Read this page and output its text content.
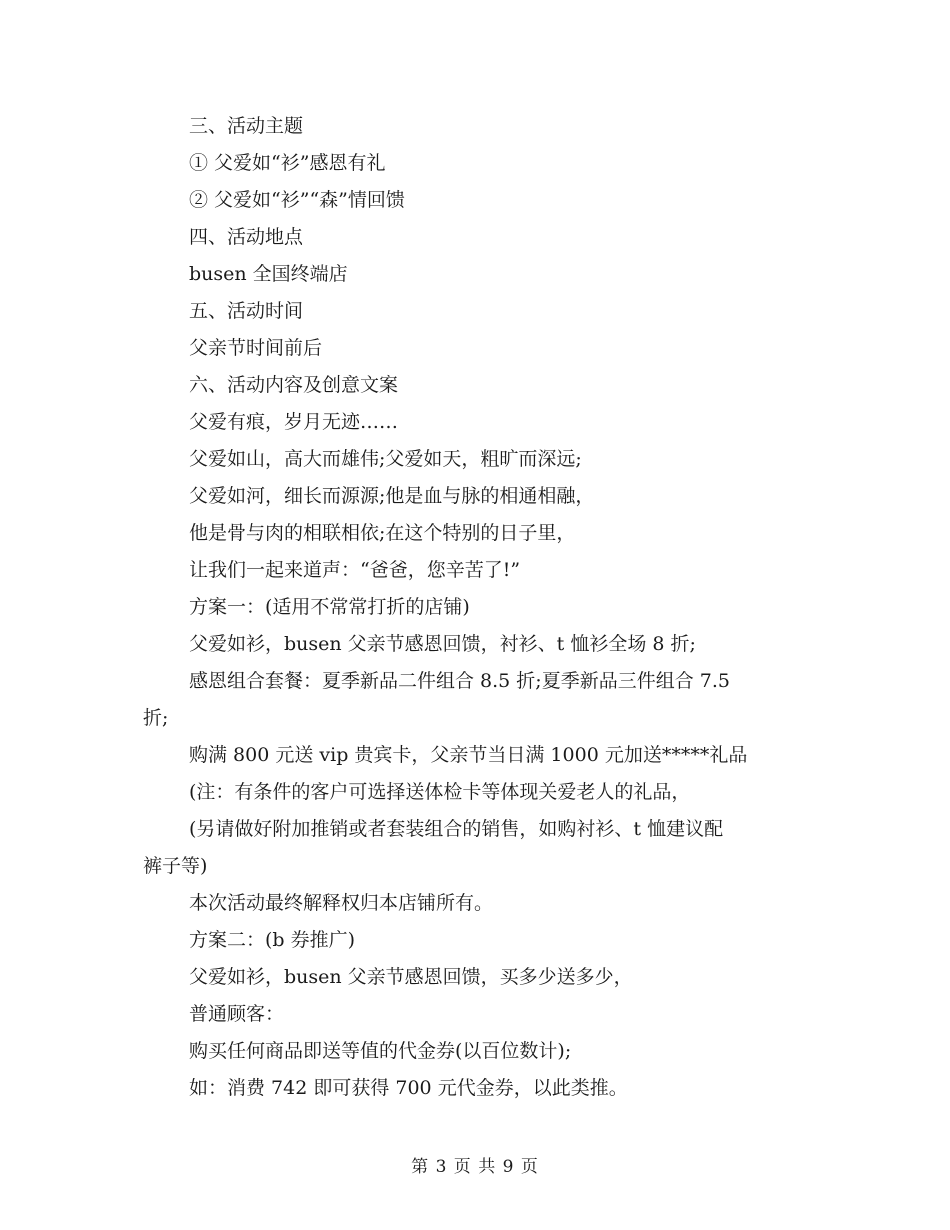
三、活动主题

① 父爱如“衫”感恩有礼

② 父爱如“衫”“森”情回馈

四、活动地点

busen 全国终端店

五、活动时间

父亲节时间前后

六、活动内容及创意文案

父爱有痕，岁月无迹……

父爱如山，高大而雄伟;父爱如天，粗旷而深远;

父爱如河，细长而源源;他是血与脉的相通相融，

他是骨与肉的相联相依;在这个特别的日子里，

让我们一起来道声：“爸爸，您辛苦了!”

方案一：(适用不常常打折的店铺)

父爱如衫，busen 父亲节感恩回馈，衬衫、t 恤衫全场 8 折;

感恩组合套餐：夏季新品二件组合 8.5 折;夏季新品三件组合 7.5

折;

购满 800 元送 vip 贵宾卡，父亲节当日满 1000 元加送*****礼品

(注：有条件的客户可选择送体检卡等体现关爱老人的礼品，

(另请做好附加推销或者套装组合的销售，如购衬衫、t 恤建议配

裤子等)

本次活动最终解释权归本店铺所有。

方案二：(b 券推广)

父爱如衫，busen 父亲节感恩回馈，买多少送多少，

普通顾客：

购买任何商品即送等值的代金券(以百位数计);

如：消费 742 即可获得 700 元代金券，以此类推。

第 3 页 共 9 页
